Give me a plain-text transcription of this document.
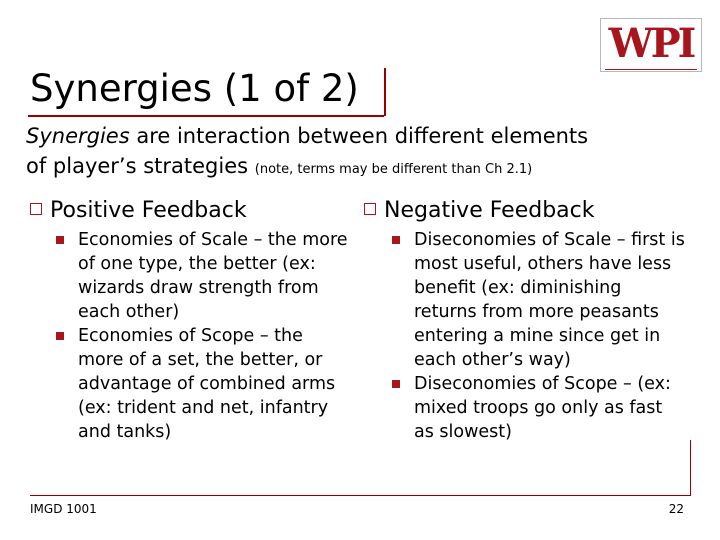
Synergies (1 of 2)
WPI
Synergies are interaction between different elements
of player’s strategies (note, terms may be different than Ch 2.1)
Positive Feedback
Economies of Scale – the more of one type, the better (ex: wizards draw strength from each other)
Economies of Scope – the more of a set, the better, or advantage of combined arms (ex: trident and net, infantry and tanks)
Negative Feedback
Diseconomies of Scale – first is most useful, others have less benefit (ex: diminishing returns from more peasants entering a mine since get in each other’s way)
Diseconomies of Scope – (ex: mixed troops go only as fast as slowest)
IMGD 1001	22
